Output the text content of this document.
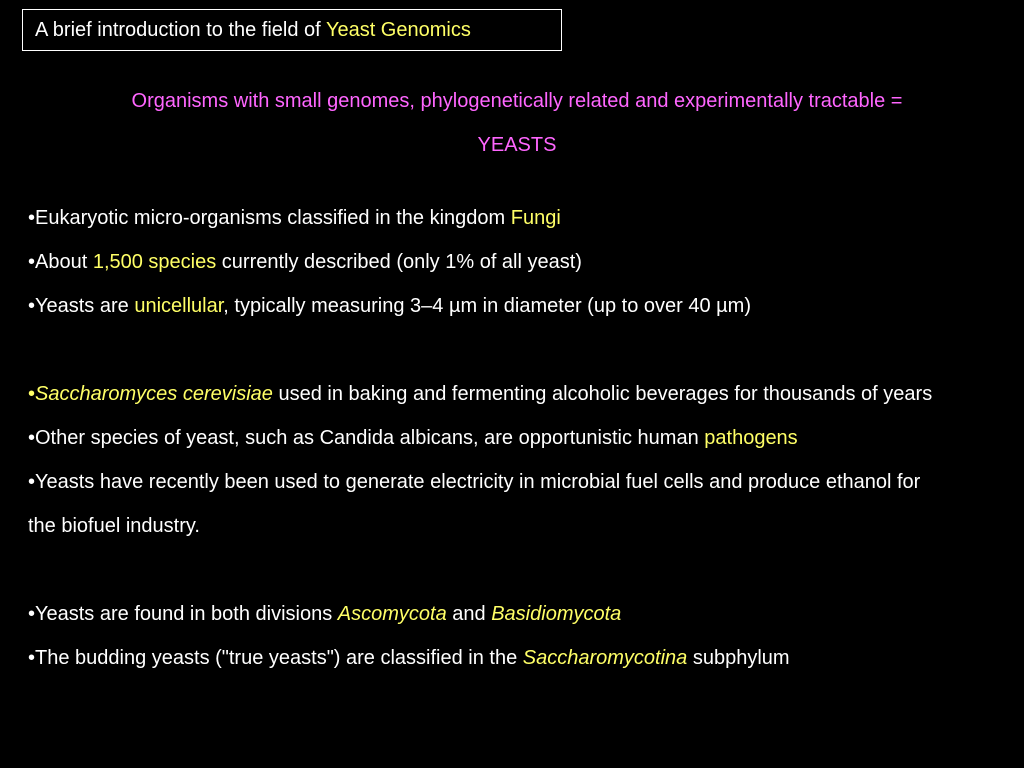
A brief introduction to the field of Yeast Genomics
Organisms with small genomes, phylogenetically related and experimentally tractable =
YEASTS
•Eukaryotic micro-organisms classified in the kingdom Fungi
•About 1,500 species currently described (only 1% of all yeast)
•Yeasts are unicellular, typically measuring 3–4 µm in diameter (up to over 40 µm)
•Saccharomyces cerevisiae used in baking and fermenting alcoholic beverages for thousands of years
•Other species of yeast, such as Candida albicans, are opportunistic human pathogens
•Yeasts have recently been used to generate electricity in microbial fuel cells and produce ethanol for the biofuel industry.
•Yeasts are found in both divisions Ascomycota and Basidiomycota
•The budding yeasts ("true yeasts") are classified in the Saccharomycotina subphylum
